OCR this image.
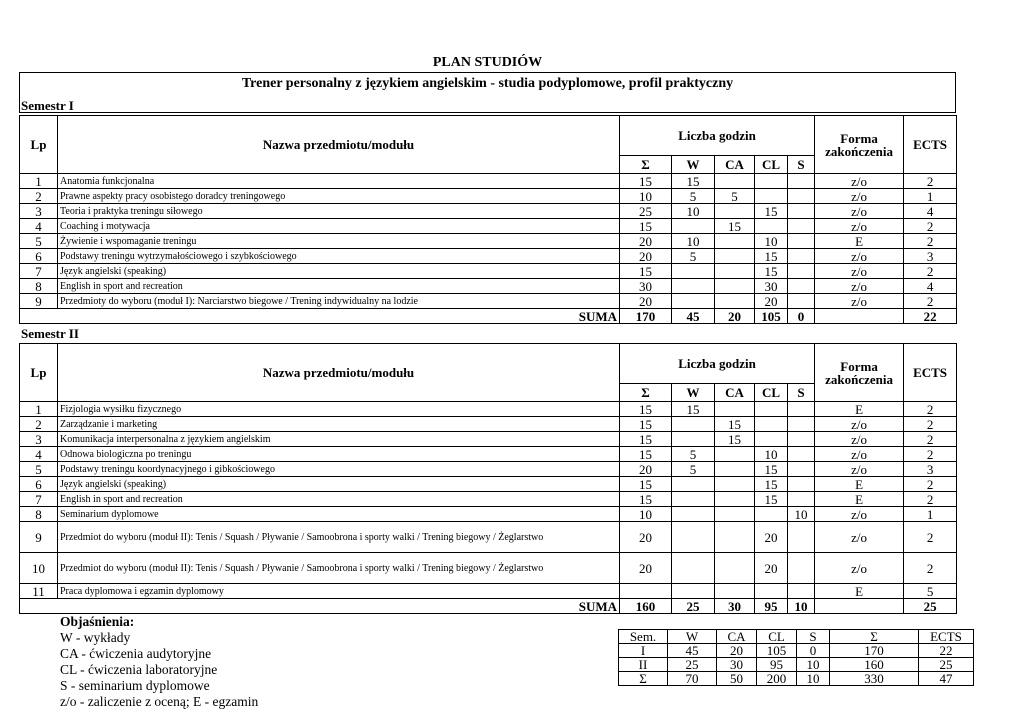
PLAN STUDIÓW
Trener personalny z językiem angielskim - studia podyplomowe, profil praktyczny
Semestr I
Lp	Nazwa przedmiotu/modułu	Liczba godzin					Forma zakończenia	ECTS
		Σ	W	CA	CL	S		
1	Anatomia funkcjonalna	15	15				z/o	2
2	Prawne aspekty pracy osobistego doradcy treningowego	10	5	5			z/o	1
3	Teoria i praktyka treningu siłowego	25	10		15		z/o	4
4	Coaching i motywacja	15		15			z/o	2
5	Żywienie i wspomaganie treningu	20	10		10		E	2
6	Podstawy treningu wytrzymałościowego i szybkościowego	20	5		15		z/o	3
7	Język angielski (speaking)	15			15		z/o	2
8	English in sport and recreation	30			30		z/o	4
9	Przedmioty do wyboru (moduł I): Narciarstwo biegowe / Trening indywidualny na lodzie	20			20		z/o	2
	SUMA	170	45	20	105	0		22
Semestr II
Lp	Nazwa przedmiotu/modułu	Liczba godzin					Forma zakończenia	ECTS
		Σ	W	CA	CL	S		
1	Fizjologia wysiłku fizycznego	15	15				E	2
2	Zarządzanie i marketing	15		15			z/o	2
3	Komunikacja interpersonalna z językiem angielskim	15		15			z/o	2
4	Odnowa biologiczna po treningu	15	5		10		z/o	2
5	Podstawy treningu koordynacyjnego i gibkościowego	20	5		15		z/o	3
6	Język angielski (speaking)	15			15		E	2
7	English in sport and recreation	15			15		E	2
8	Seminarium dyplomowe	10				10	z/o	1
9	Przedmiot do wyboru (moduł II): Tenis / Squash / Pływanie / Samoobrona i sporty walki / Trening biegowy / Żeglarstwo	20			20		z/o	2
10	Przedmiot do wyboru (moduł II): Tenis / Squash / Pływanie / Samoobrona i sporty walki / Trening biegowy / Żeglarstwo	20			20		z/o	2
11	Praca dyplomowa i egzamin dyplomowy						E	5
	SUMA	160	25	30	95	10		25
Objaśnienia:
W - wykłady
CA - ćwiczenia audytoryjne
CL - ćwiczenia laboratoryjne
S - seminarium dyplomowe
z/o - zaliczenie z oceną; E - egzamin
Sem.	W	CA	CL	S	Σ	ECTS
I	45	20	105	0	170	22
II	25	30	95	10	160	25
Σ	70	50	200	10	330	47
